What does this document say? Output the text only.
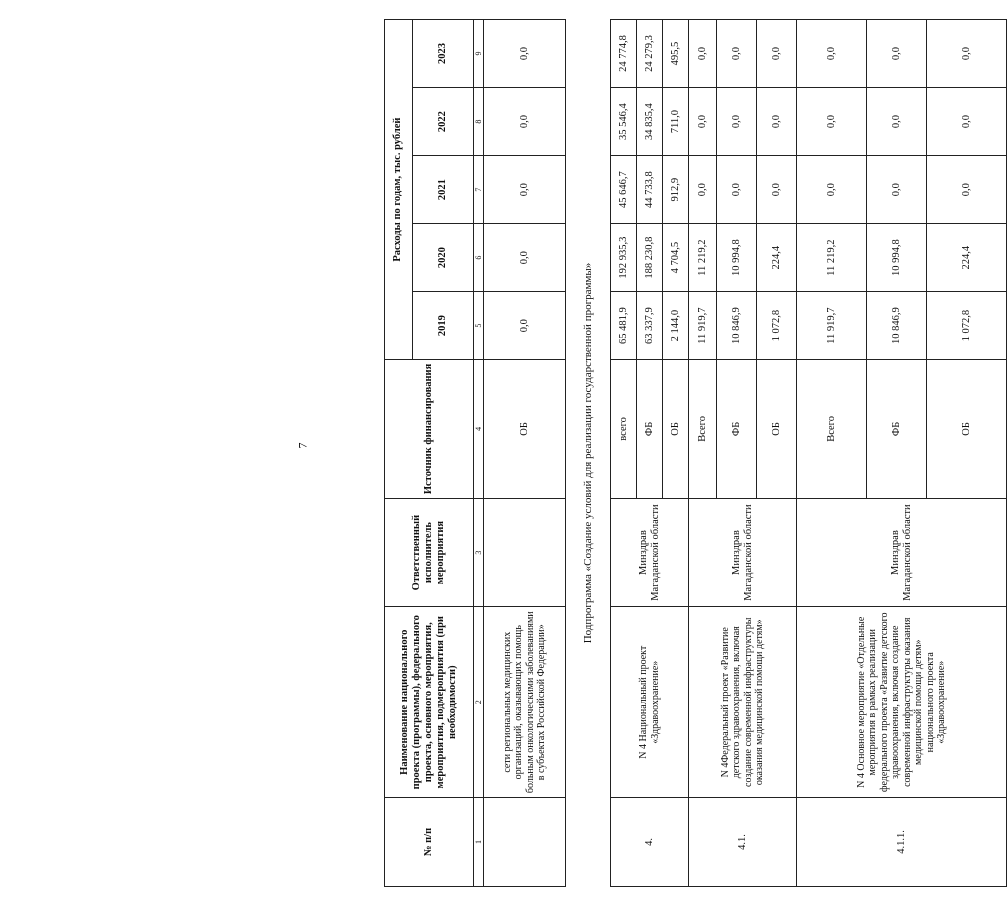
7
№ п/п	Наименование национального проекта (программы), федерального проекта, основного мероприятия, мероприятия, подмероприятия (при необходимости)	Ответственный исполнитель мероприятия	Источник финансирования	Расходы по годам, тыс. рублей				
				2019	2020	2021	2022	2023
1	2	3	4	5	6	7	8	9
	сети региональных медицинских организаций, оказывающих помощь больным онкологическими заболеваниями в субъектах Российской Федерации»		ОБ	0,0	0,0	0,0	0,0	0,0
Подпрограмма «Создание условий для реализации государственной программы»								
4.	N 4 Национальный проект «Здравоохранение»	Минздрав Магаданской области	всего	65 481,9	192 935,3	45 646,7	35 546,4	24 774,8
			ФБ	63 337,9	188 230,8	44 733,8	34 835,4	24 279,3
			ОБ	2 144,0	4 704,5	912,9	711,0	495,5
4.1.	N 4Федеральный проект «Развитие детского здравоохранения, включая создание современной инфраструктуры оказания медицинской помощи детям»	Минздрав Магаданской области	Всего	11 919,7	11 219,2	0,0	0,0	0,0
			ФБ	10 846,9	10 994,8	0,0	0,0	0,0
			ОБ	1 072,8	224,4	0,0	0,0	0,0
4.1.1.	N 4 Основное мероприятие «Отдельные мероприятия в рамках реализации федерального проекта «Развитие детского здравоохранения, включая создание современной инфраструктуры оказания медицинской помощи детям» национального проекта «Здравоохранение»	Минздрав Магаданской области	Всего	11 919,7	11 219,2	0,0	0,0	0,0
			ФБ	10 846,9	10 994,8	0,0	0,0	0,0
			ОБ	1 072,8	224,4	0,0	0,0	0,0
